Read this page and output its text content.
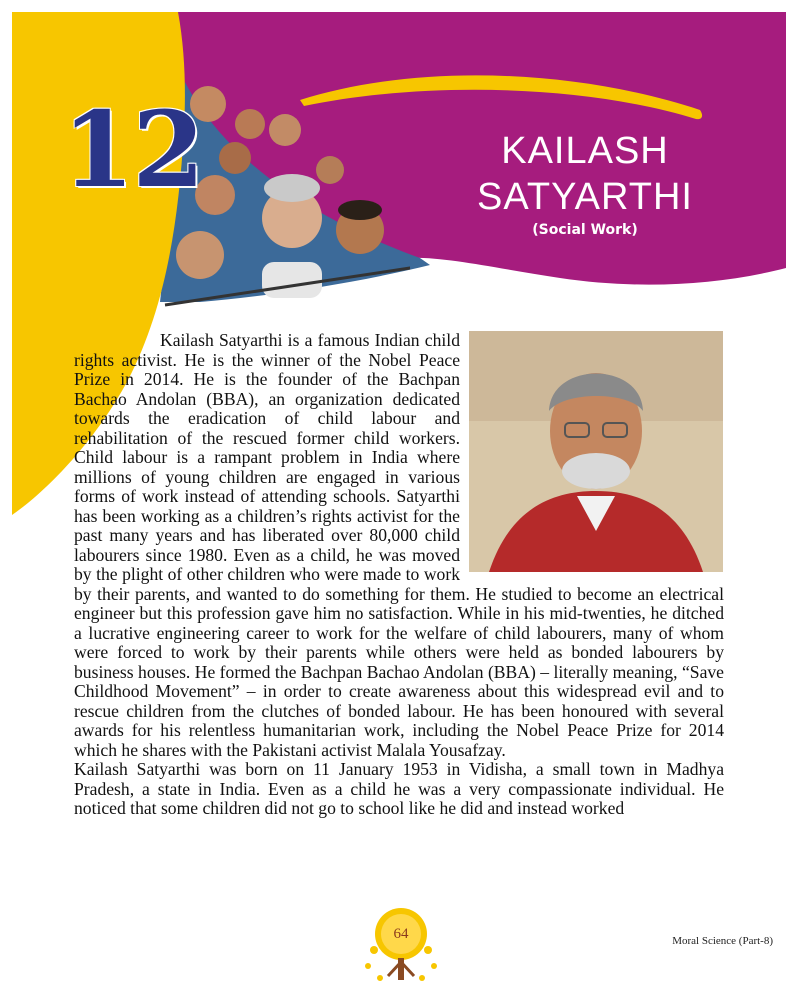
12	KAILASH
SATYARTHI
(Social Work)

Kailash Satyarthi is a famous Indian child rights activist. He is the winner of the Nobel Peace Prize in 2014. He is the founder of the Bachpan Bachao Andolan (BBA), an organization dedicated towards the eradication of child labour and rehabilitation of the rescued former child workers. Child labour is a rampant problem in India where millions of young children are engaged in various forms of work instead of attending schools. Satyarthi has been working as a children’s rights activist for the past many years and has liberated over 80,000 child labourers since 1980. Even as a child, he was moved by the plight of other children who were made to work by their parents, and wanted to do something for them. He studied to become an electrical engineer but this profession gave him no satisfaction. While in his mid-twenties, he ditched a lucrative engineering career to work for the welfare of child labourers, many of whom were forced to work by their parents while others were held as bonded labourers by business houses. He formed the Bachpan Bachao Andolan (BBA) – literally meaning, “Save Childhood Movement” – in order to create awareness about this widespread evil and to rescue children from the clutches of bonded labour. He has been honoured with several awards for his relentless humanitarian work, including the Nobel Peace Prize for 2014 which he shares with the Pakistani activist Malala Yousafzay.

Kailash Satyarthi was born on 11 January 1953 in Vidisha, a small town in Madhya Pradesh, a state in India. Even as a child he was a very compassionate individual. He noticed that some children did not go to school like he did and instead worked

64	Moral Science (Part-8)
